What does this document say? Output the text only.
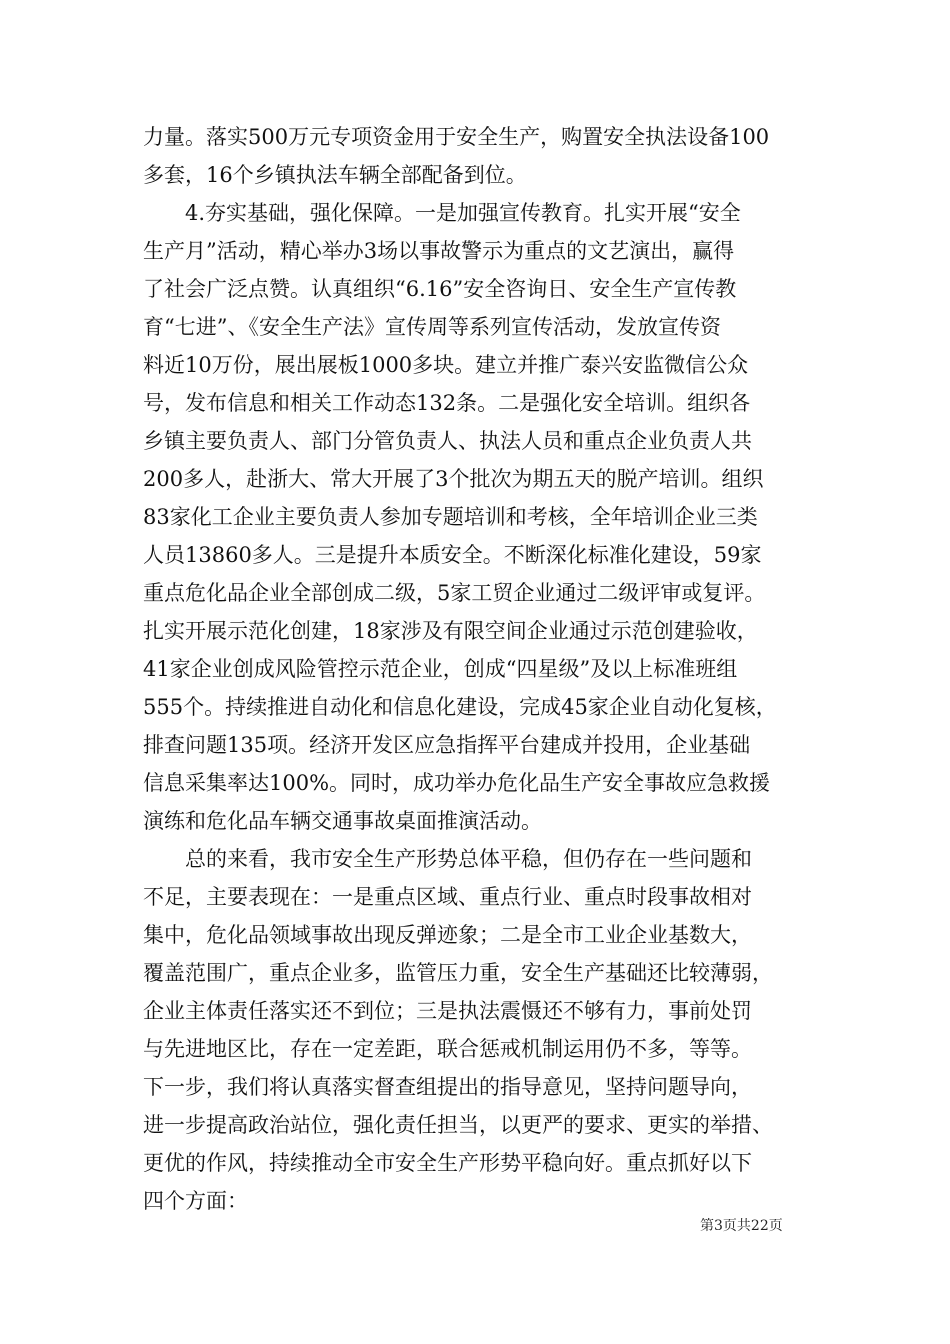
力量。落实500万元专项资金用于安全生产，购置安全执法设备100
多套，16个乡镇执法车辆全部配备到位。
4.夯实基础，强化保障。一是加强宣传教育。扎实开展“安全
生产月”活动，精心举办3场以事故警示为重点的文艺演出，赢得
了社会广泛点赞。认真组织“6.16”安全咨询日、安全生产宣传教
育“七进”、《安全生产法》宣传周等系列宣传活动，发放宣传资
料近10万份，展出展板1000多块。建立并推广泰兴安监微信公众
号，发布信息和相关工作动态132条。二是强化安全培训。组织各
乡镇主要负责人、部门分管负责人、执法人员和重点企业负责人共
200多人，赴浙大、常大开展了3个批次为期五天的脱产培训。组织
83家化工企业主要负责人参加专题培训和考核，全年培训企业三类
人员13860多人。三是提升本质安全。不断深化标准化建设，59家
重点危化品企业全部创成二级，5家工贸企业通过二级评审或复评。
扎实开展示范化创建，18家涉及有限空间企业通过示范创建验收，
41家企业创成风险管控示范企业，创成“四星级”及以上标准班组
555个。持续推进自动化和信息化建设，完成45家企业自动化复核，
排查问题135项。经济开发区应急指挥平台建成并投用，企业基础
信息采集率达100%。同时，成功举办危化品生产安全事故应急救援
演练和危化品车辆交通事故桌面推演活动。
总的来看，我市安全生产形势总体平稳，但仍存在一些问题和
不足，主要表现在：一是重点区域、重点行业、重点时段事故相对
集中，危化品领域事故出现反弹迹象；二是全市工业企业基数大，
覆盖范围广，重点企业多，监管压力重，安全生产基础还比较薄弱，
企业主体责任落实还不到位；三是执法震慑还不够有力，事前处罚
与先进地区比，存在一定差距，联合惩戒机制运用仍不多，等等。
下一步，我们将认真落实督查组提出的指导意见，坚持问题导向，
进一步提高政治站位，强化责任担当，以更严的要求、更实的举措、
更优的作风，持续推动全市安全生产形势平稳向好。重点抓好以下
四个方面：
第3页共22页
